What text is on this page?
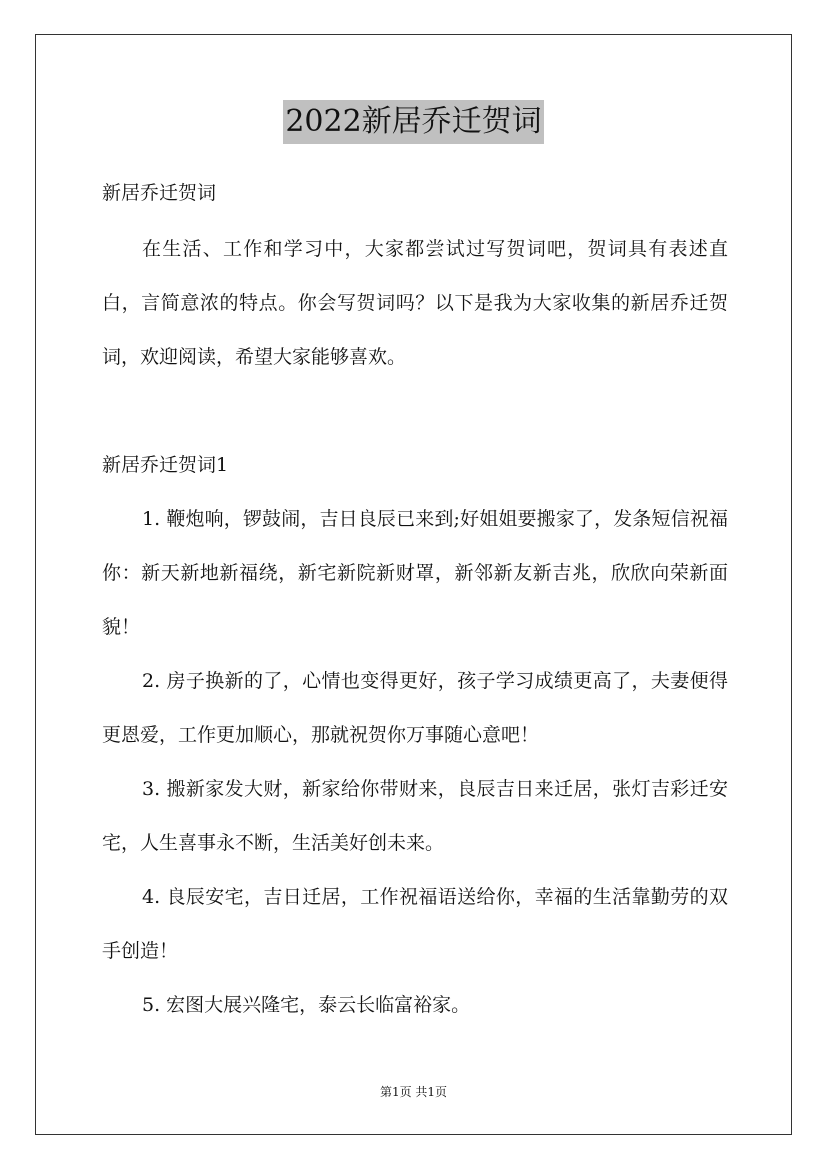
2022新居乔迁贺词
新居乔迁贺词

在生活、工作和学习中，大家都尝试过写贺词吧，贺词具有表述直白，言简意浓的特点。你会写贺词吗？以下是我为大家收集的新居乔迁贺词，欢迎阅读，希望大家能够喜欢。

新居乔迁贺词1

1. 鞭炮响，锣鼓闹，吉日良辰已来到;好姐姐要搬家了，发条短信祝福你：新天新地新福绕，新宅新院新财罩，新邻新友新吉兆，欣欣向荣新面貌！

2. 房子换新的了，心情也变得更好，孩子学习成绩更高了，夫妻便得更恩爱，工作更加顺心，那就祝贺你万事随心意吧！

3. 搬新家发大财，新家给你带财来，良辰吉日来迁居，张灯吉彩迁安宅，人生喜事永不断，生活美好创未来。

4. 良辰安宅，吉日迁居，工作祝福语送给你，幸福的生活靠勤劳的双手创造！

5. 宏图大展兴隆宅，泰云长临富裕家。

第1页 共1页
